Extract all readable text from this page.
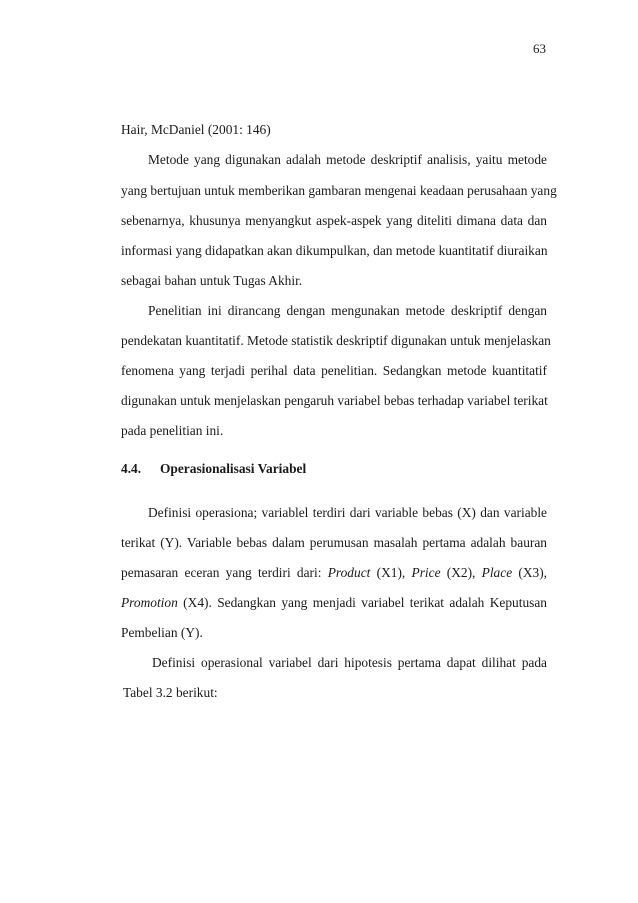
63
Hair, McDaniel (2001: 146)
Metode yang digunakan adalah metode deskriptif analisis, yaitu metode
yang bertujuan untuk memberikan gambaran mengenai keadaan perusahaan yang
sebenarnya, khusunya menyangkut aspek-aspek yang diteliti dimana data dan
informasi yang didapatkan akan dikumpulkan, dan metode kuantitatif diuraikan
sebagai bahan untuk Tugas Akhir.
Penelitian ini dirancang dengan mengunakan metode deskriptif dengan
pendekatan kuantitatif. Metode statistik deskriptif digunakan untuk menjelaskan
fenomena yang terjadi perihal data penelitian. Sedangkan metode kuantitatif
digunakan untuk menjelaskan pengaruh variabel bebas terhadap variabel terikat
pada penelitian ini.
4.4. Operasionalisasi Variabel
Definisi operasiona; variablel terdiri dari variable bebas (X) dan variable
terikat (Y). Variable bebas dalam perumusan masalah pertama adalah bauran
pemasaran eceran yang terdiri dari: Product (X1), Price (X2), Place (X3),
Promotion (X4). Sedangkan yang menjadi variabel terikat adalah Keputusan
Pembelian (Y).
Definisi operasional variabel dari hipotesis pertama dapat dilihat pada
Tabel 3.2 berikut:
